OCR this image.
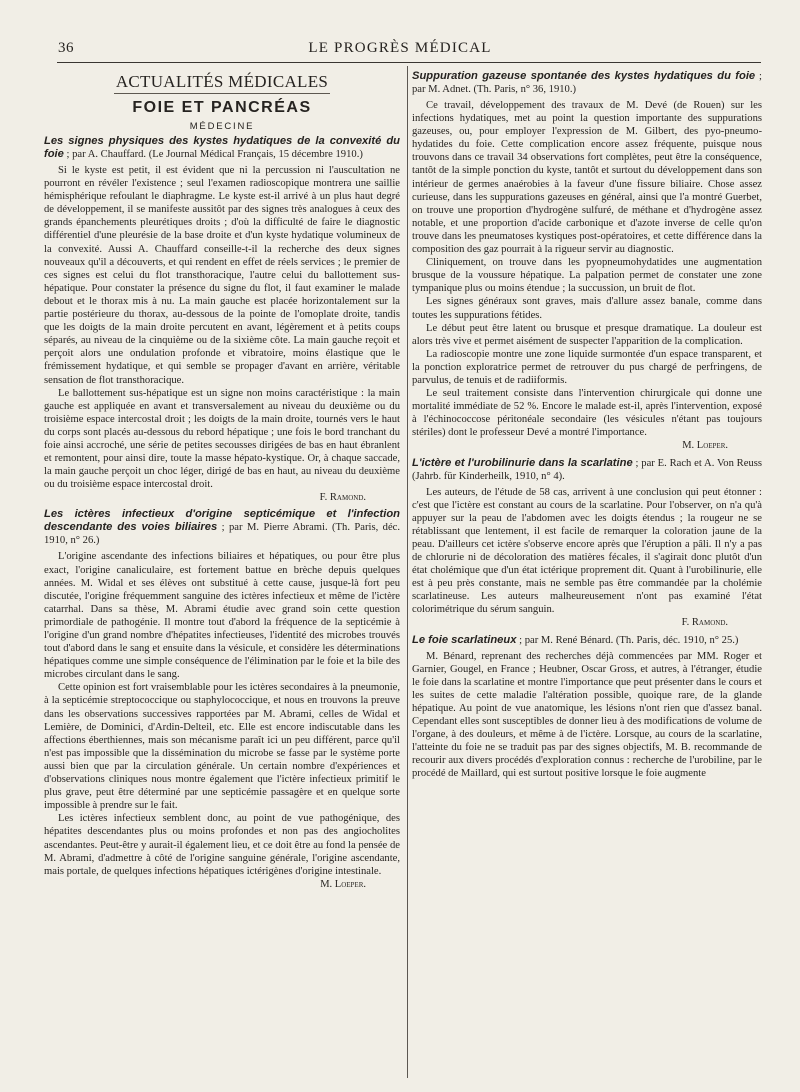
36	LE PROGRÈS MÉDICAL
ACTUALITÉS MÉDICALES
FOIE ET PANCRÉAS
MÉDECINE
Les signes physiques des kystes hydatiques de la convexité du foie ; par A. Chauffard. (Le Journal Médical Français, 15 décembre 1910.)

Si le kyste est petit, il est évident que ni la percussion ni l'auscultation ne pourront en révéler l'existence ; seul l'examen radioscopique montrera une saillie hémisphérique refoulant le diaphragme. Le kyste est-il arrivé à un plus haut degré de développement, il se manifeste aussitôt par des signes très analogues à ceux des grands épanchements pleurétiques droits ; d'où la difficulté de faire le diagnostic différentiel d'une pleurésie de la base droite et d'un kyste hydatique volumineux de la convexité. Aussi A. Chauffard conseille-t-il la recherche des deux signes nouveaux qu'il a découverts, et qui rendent en effet de réels services ; le premier de ces signes est celui du flot transthoracique, l'autre celui du ballottement sus-hépatique. Pour constater la présence du signe du flot, il faut examiner le malade debout et le thorax mis à nu. La main gauche est placée horizontalement sur la partie postérieure du thorax, au-dessous de la pointe de l'omoplate droite, tandis que les doigts de la main droite percutent en avant, légèrement et à petits coups séparés, au niveau de la cinquième ou de la sixième côte. La main gauche reçoit et perçoit alors une ondulation profonde et vibratoire, moins élastique que le frémissement hydatique, et qui semble se propager d'avant en arrière, véritable sensation de flot transthoracique.

Le ballottement sus-hépatique est un signe non moins caractéristique : la main gauche est appliquée en avant et transversalement au niveau du deuxième ou du troisième espace intercostal droit ; les doigts de la main droite, tournés vers le haut du corps sont placés au-dessous du rebord hépatique ; une fois le bord tranchant du foie ainsi accroché, une série de petites secousses dirigées de bas en haut ébranlent et remontent, pour ainsi dire, toute la masse hépato-kystique. Or, à chaque saccade, la main gauche perçoit un choc léger, dirigé de bas en haut, au niveau du deuxième ou du troisième espace intercostal droit.

F. Ramond.
Les ictères infectieux d'origine septicémique et l'infection descendante des voies biliaires ; par M. Pierre Abrami. (Th. Paris, déc. 1910, n° 26.)

L'origine ascendante des infections biliaires et hépatiques, ou pour être plus exact, l'origine canaliculaire, est fortement battue en brèche depuis quelques années. M. Widal et ses élèves ont substitué à cette cause, jusque-là fort peu discutée, l'origine fréquemment sanguine des ictères infectieux et même de l'ictère catarrhal. Dans sa thèse, M. Abrami étudie avec grand soin cette question primordiale de pathogénie. Il montre tout d'abord la fréquence de la septicémie à l'origine d'un grand nombre d'hépatites infectieuses, l'identité des microbes trouvés tout d'abord dans le sang et ensuite dans la vésicule, et considère les déterminations hépatiques comme une simple conséquence de l'élimination par le foie et la bile des microbes circulant dans le sang.

Cette opinion est fort vraisemblable pour les ictères secondaires à la pneumonie, à la septicémie streptococcique ou staphylococcique, et nous en trouvons la preuve dans les observations successives rapportées par M. Abrami, celles de Widal et Lemière, de Dominici, d'Ardin-Delteil, etc. Elle est encore indiscutable dans les affections éberthiennes, mais son mécanisme paraît ici un peu différent, parce qu'il n'est pas impossible que la dissémination du microbe se fasse par le système porte aussi bien que par la circulation générale. Un certain nombre d'expériences et d'observations cliniques nous montre également que l'ictère infectieux primitif le plus grave, peut être déterminé par une septicémie passagère et en quelque sorte impossible à prendre sur le fait.

Les ictères infectieux semblent donc, au point de vue pathogénique, des hépatites descendantes plus ou moins profondes et non pas des angiocholites ascendantes. Peut-être y aurait-il également lieu, et ce doit être au fond la pensée de M. Abrami, d'admettre à côté de l'origine sanguine générale, l'origine ascendante, mais portale, de quelques infections hépatiques ictérigènes d'origine intestinale.

M. Loeper.
Suppuration gazeuse spontanée des kystes hydatiques du foie ; par M. Adnet. (Th. Paris, n° 36, 1910.)

Ce travail, développement des travaux de M. Devé (de Rouen) sur les infections hydatiques, met au point la question importante des suppurations gazeuses, ou, pour employer l'expression de M. Gilbert, des pyo-pneumo-hydatides du foie. Cette complication encore assez fréquente, puisque nous trouvons dans ce travail 34 observations fort complètes, peut être la conséquence, tantôt de la simple ponction du kyste, tantôt et surtout du développement dans son intérieur de germes anaérobies à la faveur d'une fissure biliaire. Chose assez curieuse, dans les suppurations gazeuses en général, ainsi que l'a montré Guerbet, on trouve une proportion d'hydrogène sulfuré, de méthane et d'hydrogène assez notable, et une proportion d'acide carbonique et d'azote inverse de celle qu'on trouve dans les pneumatoses kystiques post-opératoires, et cette différence dans la composition des gaz pourrait à la rigueur servir au diagnostic.

Cliniquement, on trouve dans les pyopneumohydatides une augmentation brusque de la voussure hépatique. La palpation permet de constater une zone tympanique plus ou moins étendue ; la succussion, un bruit de flot.

Les signes généraux sont graves, mais d'allure assez banale, comme dans toutes les suppurations fétides.

Le début peut être latent ou brusque et presque dramatique. La douleur est alors très vive et permet aisément de suspecter l'apparition de la complication.

La radioscopie montre une zone liquide surmontée d'un espace transparent, et la ponction exploratrice permet de retrouver du pus chargé de perfringens, de parvulus, de tenuis et de radiiformis.

Le seul traitement consiste dans l'intervention chirurgicale qui donne une mortalité immédiate de 52 %. Encore le malade est-il, après l'intervention, exposé à l'échinococcose péritonéale secondaire (les vésicules n'étant pas toujours stériles) dont le professeur Devé a montré l'importance.

M. Loeper.
L'ictère et l'urobilinurie dans la scarlatine ; par E. Rach et A. Von Reuss (Jahrb. für Kinderheilk, 1910, n° 4).

Les auteurs, de l'étude de 58 cas, arrivent à une conclusion qui peut étonner : c'est que l'ictère est constant au cours de la scarlatine. Pour l'observer, on n'a qu'à appuyer sur la peau de l'abdomen avec les doigts étendus ; la rougeur ne se rétablissant que lentement, il est facile de remarquer la coloration jaune de la peau. D'ailleurs cet ictère s'observe encore après que l'éruption a pâli. Il n'y a pas de chlorurie ni de décoloration des matières fécales, il s'agirait donc plutôt d'un état cholémique que d'un état ictérique proprement dit. Quant à l'urobilinurie, elle est à peu près constante, mais ne semble pas être commandée par la cholémie scarlatineuse. Les auteurs malheureusement n'ont pas examiné l'état colorimétrique du sérum sanguin.

F. Ramond.
Le foie scarlatineux ; par M. René Bénard. (Th. Paris, déc. 1910, n° 25.)

M. Bénard, reprenant des recherches déjà commencées par MM. Roger et Garnier, Gougel, en France ; Heubner, Oscar Gross, et autres, à l'étranger, étudie le foie dans la scarlatine et montre l'importance que peut présenter dans le cours et les suites de cette maladie l'altération possible, quoique rare, de la glande hépatique. Au point de vue anatomique, les lésions n'ont rien que d'assez banal. Cependant elles sont susceptibles de donner lieu à des modifications de volume de l'organe, à des douleurs, et même à de l'ictère. Lorsque, au cours de la scarlatine, l'atteinte du foie ne se traduit pas par des signes objectifs, M. B. recommande de recourir aux divers procédés d'exploration connus : recherche de l'urobiline, par le procédé de Maillard, qui est surtout positive lorsque le foie augmente
